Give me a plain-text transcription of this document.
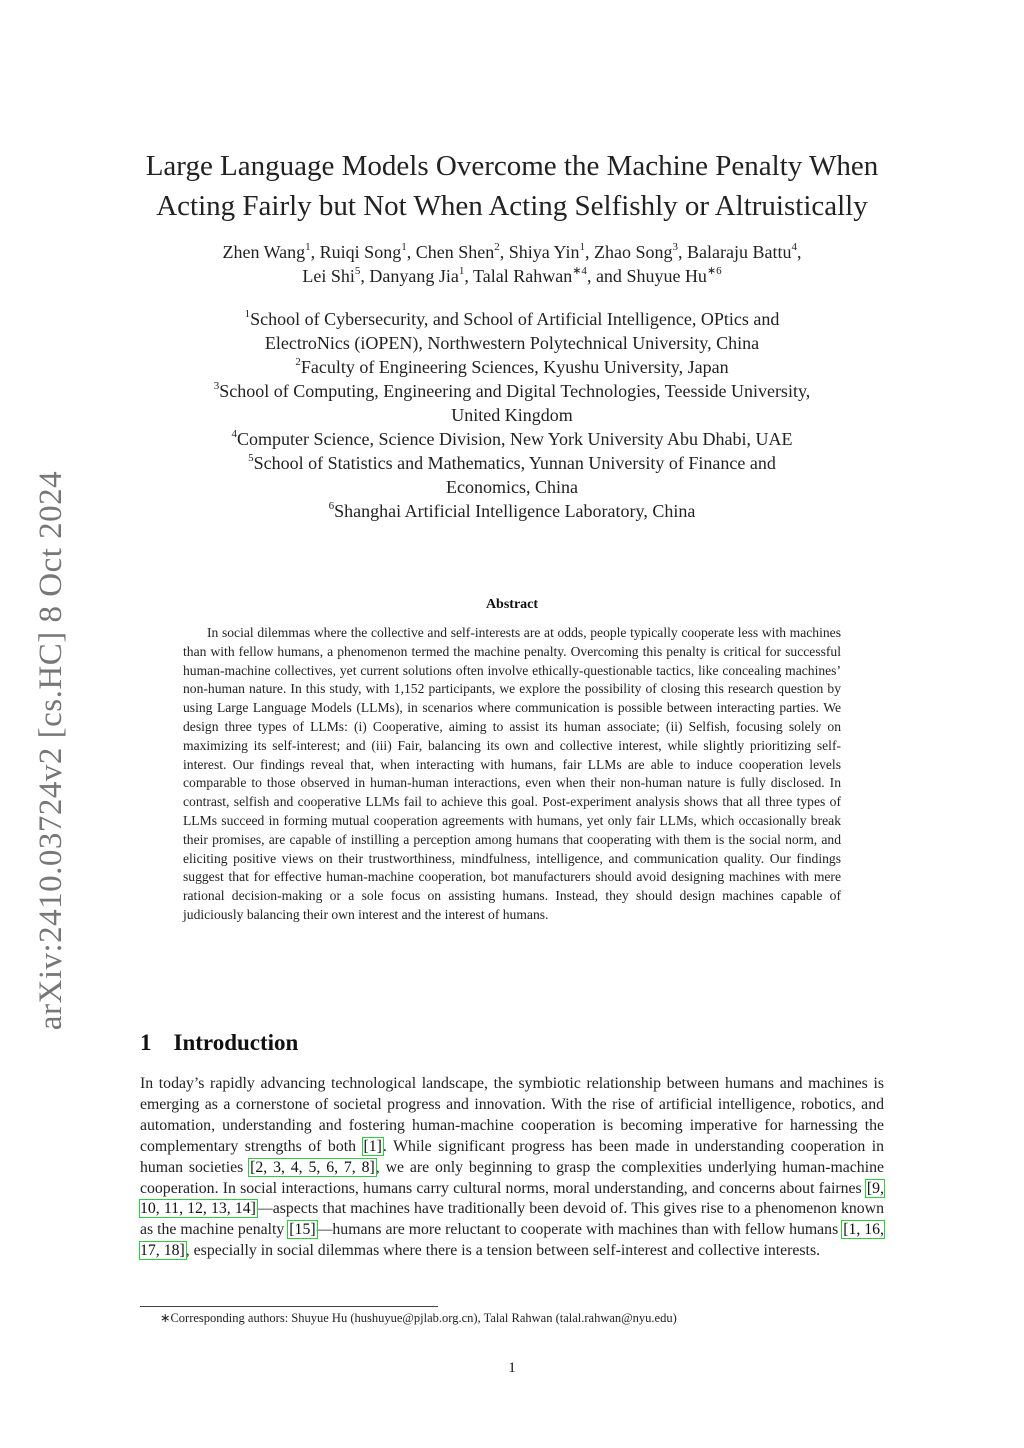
arXiv:2410.03724v2 [cs.HC] 8 Oct 2024
Large Language Models Overcome the Machine Penalty When Acting Fairly but Not When Acting Selfishly or Altruistically
Zhen Wang$^1$, Ruiqi Song$^1$, Chen Shen$^2$, Shiya Yin$^1$, Zhao Song$^3$, Balaraju Battu$^4$,
Lei Shi$^5$, Danyang Jia$^1$, Talal Rahwan$^{∗4}$, and Shuyue $Hu^{∗6}$
$^1$School of Cybersecurity, and School of Artificial Intelligence, OPtics and
ElectroNics (iOPEN), Northwestern Polytechnical University, China
$^2$Faculty of Engineering Sciences, Kyushu University, Japan
$^3$School of Computing, Engineering and Digital Technologies, Teesside University,
United Kingdom
$^4$Computer Science, Science Division, New York University Abu Dhabi, UAE
$^5$School of Statistics and Mathematics, Yunnan University of Finance and
Economics, China
$^6$Shanghai Artificial Intelligence Laboratory, China
Abstract

In social dilemmas where the collective and self-interests are at odds, people typically cooperate less with machines than with fellow humans, a phenomenon termed the machine penalty. Overcoming this penalty is critical for successful human-machine collectives, yet current solutions often involve ethically-questionable tactics, like concealing machines’ non-human nature. In this study, with 1,152 participants, we explore the possibility of closing this research question by using Large Language Models (LLMs), in scenarios where communication is possible between interacting parties. We design three types of LLMs: (i) Cooperative, aiming to assist its human associate; (ii) Selfish, focusing solely on maximizing its self-interest; and (iii) Fair, balancing its own and collective interest, while slightly prioritizing self-interest. Our findings reveal that, when interacting with humans, fair LLMs are able to induce cooperation levels comparable to those observed in human-human interactions, even when their non-human nature is fully disclosed. In contrast, selfish and cooperative LLMs fail to achieve this goal. Post-experiment analysis shows that all three types of LLMs succeed in forming mutual cooperation agreements with humans, yet only fair LLMs, which occasionally break their promises, are capable of instilling a perception among humans that cooperating with them is the social norm, and eliciting positive views on their trustworthiness, mindfulness, intelligence, and communication quality. Our findings suggest that for effective human-machine cooperation, bot manufacturers should avoid designing machines with mere rational decision-making or a sole focus on assisting humans. Instead, they should design machines capable of judiciously balancing their own interest and the interest of humans.

1 Introduction

In today’s rapidly advancing technological landscape, the symbiotic relationship between humans and machines is emerging as a cornerstone of societal progress and innovation. With the rise of artificial intelligence, robotics, and automation, understanding and fostering human-machine cooperation is becoming imperative for harnessing the complementary strengths of both [1]. While significant progress has been made in understanding cooperation in human societies [2, 3, 4, 5, 6, 7, 8], we are only beginning to grasp the complexities underlying human-machine cooperation. In social interactions, humans carry cultural norms, moral understanding, and concerns about fairnes [9, 10, 11, 12, 13, 14]—aspects that machines have traditionally been devoid of. This gives rise to a phenomenon known as the machine penalty [15]—humans are more reluctant to cooperate with machines than with fellow humans [1, 16, 17, 18], especially in social dilemmas where there is a tension between self-interest and collective interests.

∗Corresponding authors: Shuyue Hu (hushuyue@pjlab.org.cn), Talal Rahwan (talal.rahwan@nyu.edu)
1
